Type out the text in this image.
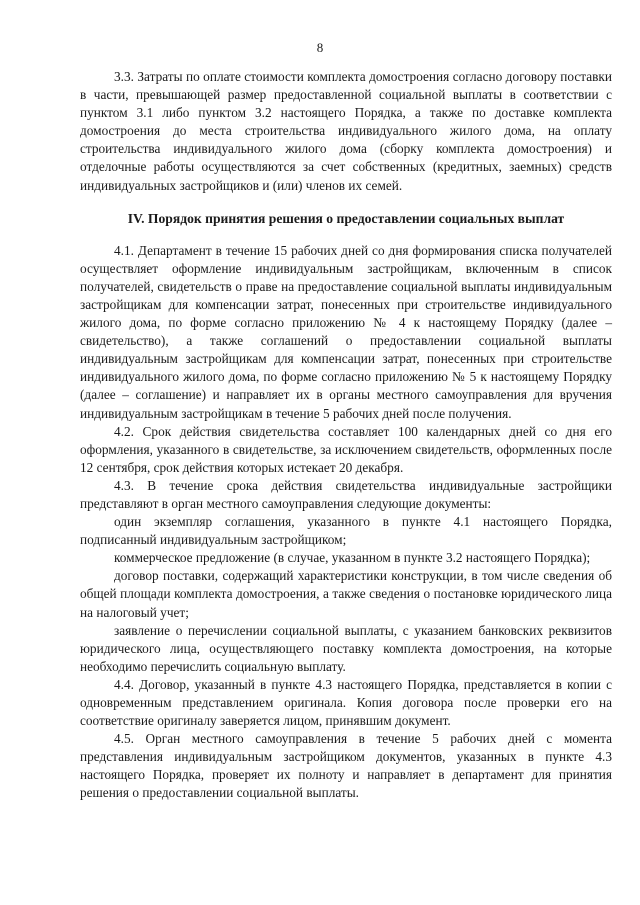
8

3.3. Затраты по оплате стоимости комплекта домостроения согласно договору поставки в части, превышающей размер предоставленной социальной выплаты в соответствии с пунктом 3.1 либо пунктом 3.2 настоящего Порядка, а также по доставке комплекта домостроения до места строительства индивидуального жилого дома, на оплату строительства индивидуального жилого дома (сборку комплекта домостроения) и отделочные работы осуществляются за счет собственных (кредитных, заемных) средств индивидуальных застройщиков и (или) членов их семей.

IV. Порядок принятия решения о предоставлении социальных выплат

4.1. Департамент в течение 15 рабочих дней со дня формирования списка получателей осуществляет оформление индивидуальным застройщикам, включенным в список получателей, свидетельств о праве на предоставление социальной выплаты индивидуальным застройщикам для компенсации затрат, понесенных при строительстве индивидуального жилого дома, по форме согласно приложению № 4 к настоящему Порядку (далее – свидетельство), а также соглашений о предоставлении социальной выплаты индивидуальным застройщикам для компенсации затрат, понесенных при строительстве индивидуального жилого дома, по форме согласно приложению № 5 к настоящему Порядку (далее – соглашение) и направляет их в органы местного самоуправления для вручения индивидуальным застройщикам в течение 5 рабочих дней после получения.

4.2. Срок действия свидетельства составляет 100 календарных дней со дня его оформления, указанного в свидетельстве, за исключением свидетельств, оформленных после 12 сентября, срок действия которых истекает 20 декабря.

4.3. В течение срока действия свидетельства индивидуальные застройщики представляют в орган местного самоуправления следующие документы:

один экземпляр соглашения, указанного в пункте 4.1 настоящего Порядка, подписанный индивидуальным застройщиком;

коммерческое предложение (в случае, указанном в пункте 3.2 настоящего Порядка);

договор поставки, содержащий характеристики конструкции, в том числе сведения об общей площади комплекта домостроения, а также сведения о постановке юридического лица на налоговый учет;

заявление о перечислении социальной выплаты, с указанием банковских реквизитов юридического лица, осуществляющего поставку комплекта домостроения, на которые необходимо перечислить социальную выплату.

4.4. Договор, указанный в пункте 4.3 настоящего Порядка, представляется в копии с одновременным представлением оригинала. Копия договора после проверки его на соответствие оригиналу заверяется лицом, принявшим документ.

4.5. Орган местного самоуправления в течение 5 рабочих дней с момента представления индивидуальным застройщиком документов, указанных в пункте 4.3 настоящего Порядка, проверяет их полноту и направляет в департамент для принятия решения о предоставлении социальной выплаты.
